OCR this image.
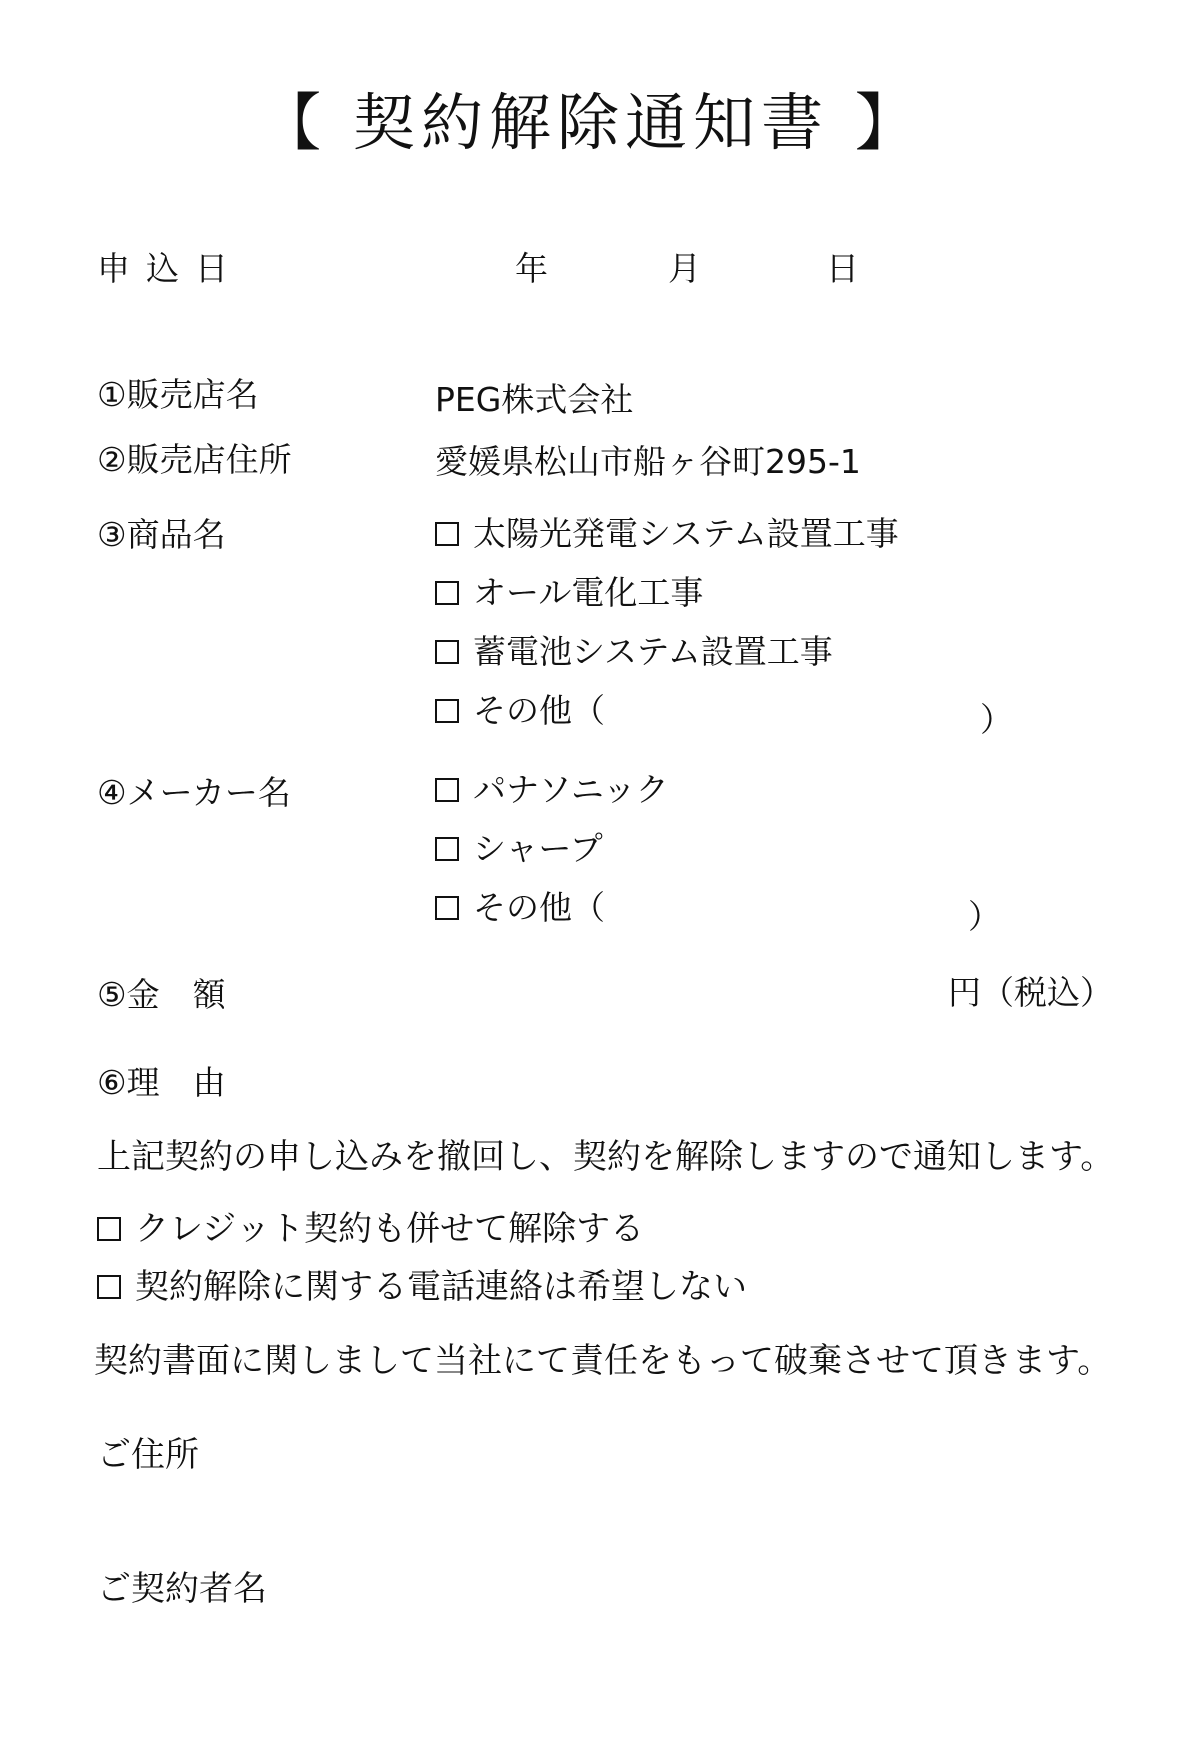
【 契約解除通知書 】
申込日	年	月	日
①販売店名	PEG株式会社
②販売店住所	愛媛県松山市船ヶ谷町295-1
③商品名	太陽光発電システム設置工事
オール電化工事
蓄電池システム設置工事
その他（	）
④メーカー名	パナソニック
シャープ
その他（	）
⑤金　額	円（税込）
⑥理　由
上記契約の申し込みを撤回し、契約を解除しますので通知します。
クレジット契約も併せて解除する
契約解除に関する電話連絡は希望しない
契約書面に関しまして当社にて責任をもって破棄させて頂きます。
ご住所
ご契約者名
